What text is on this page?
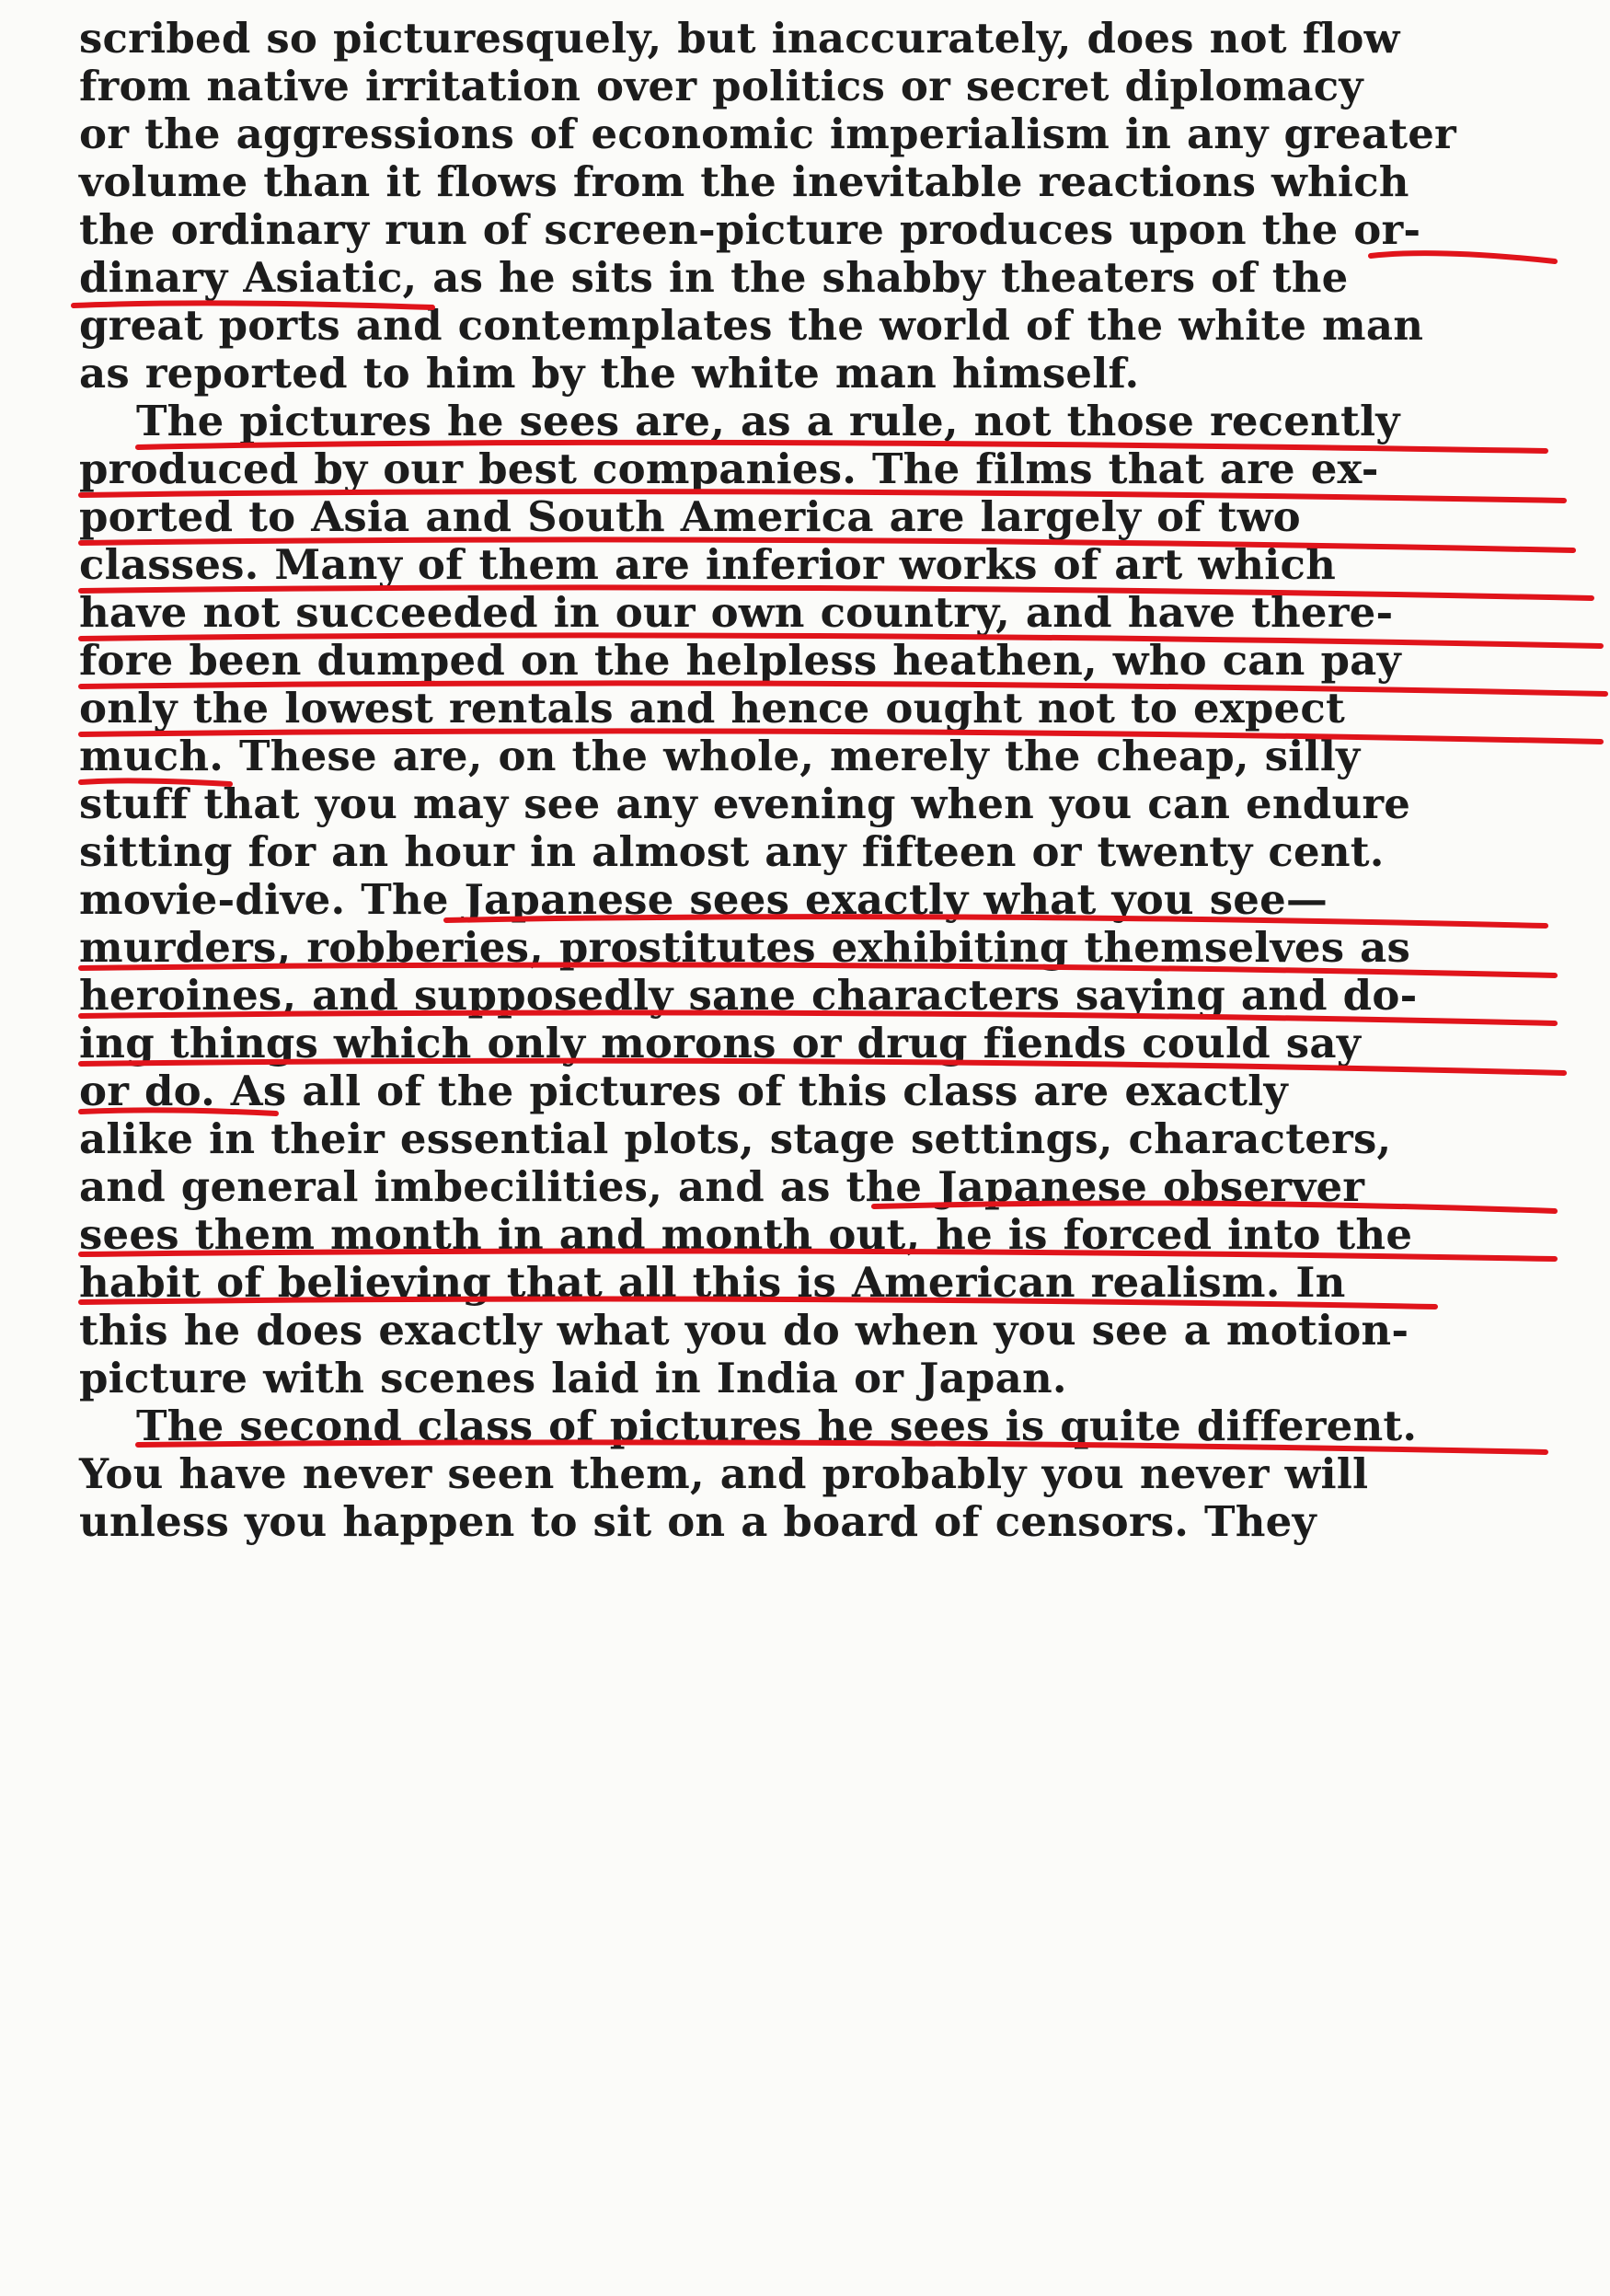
scribed so picturesquely, but inaccurately, does not flow
from native irritation over politics or secret diplomacy
or the aggressions of economic imperialism in any greater
volume than it flows from the inevitable reactions which
the ordinary run of screen-picture produces upon the or-
dinary Asiatic, as he sits in the shabby theaters of the
great ports and contemplates the world of the white man
as reported to him by the white man himself.
The pictures he sees are, as a rule, not those recently
produced by our best companies. The films that are ex-
ported to Asia and South America are largely of two
classes. Many of them are inferior works of art which
have not succeeded in our own country, and have there-
fore been dumped on the helpless heathen, who can pay
only the lowest rentals and hence ought not to expect
much. These are, on the whole, merely the cheap, silly
stuff that you may see any evening when you can endure
sitting for an hour in almost any fifteen or twenty cent.
movie-dive. The Japanese sees exactly what you see—
murders, robberies, prostitutes exhibiting themselves as
heroines, and supposedly sane characters saying and do-
ing things which only morons or drug fiends could say
or do. As all of the pictures of this class are exactly
alike in their essential plots, stage settings, characters,
and general imbecilities, and as the Japanese observer
sees them month in and month out, he is forced into the
habit of believing that all this is American realism. In
this he does exactly what you do when you see a motion-
picture with scenes laid in India or Japan.
The second class of pictures he sees is quite different.
You have never seen them, and probably you never will
unless you happen to sit on a board of censors. They
